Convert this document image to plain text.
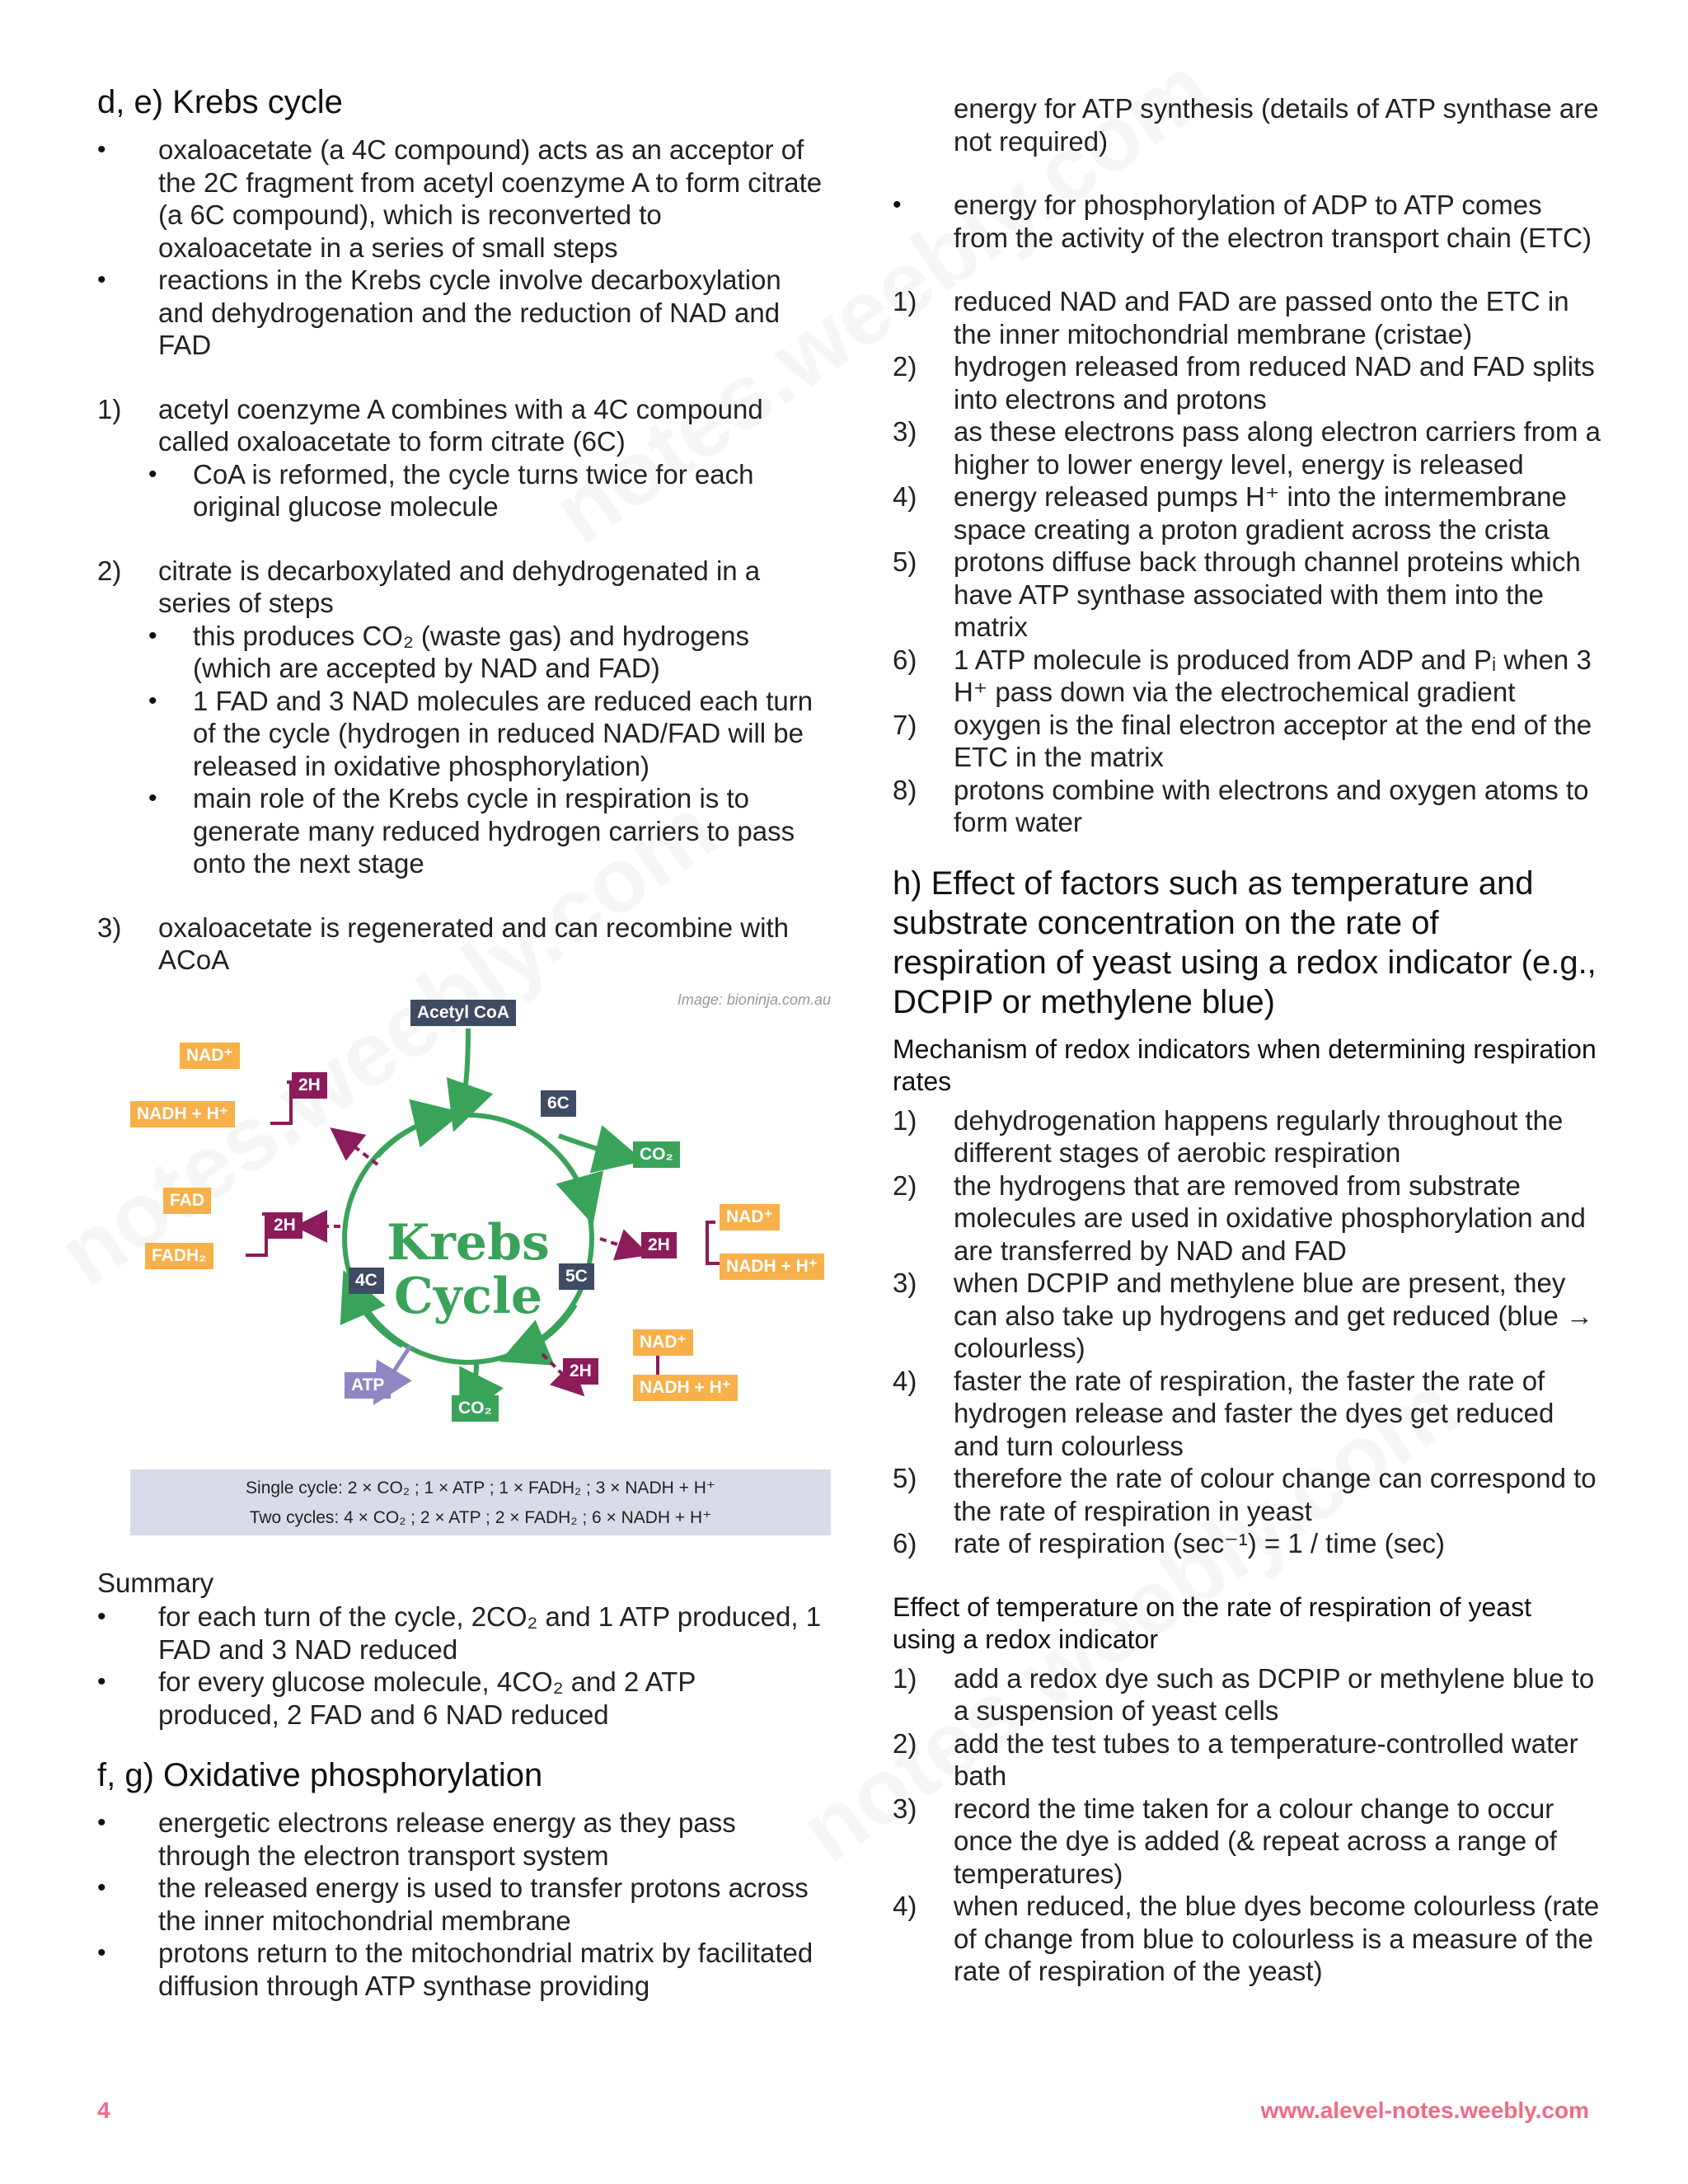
d, e) Krebs cycle
• oxaloacetate (a 4C compound) acts as an acceptor of the 2C fragment from acetyl coenzyme A to form citrate (a 6C compound), which is reconverted to oxaloacetate in a series of small steps
• reactions in the Krebs cycle involve decarboxylation and dehydrogenation and the reduction of NAD and FAD
1) acetyl coenzyme A combines with a 4C compound called oxaloacetate to form citrate (6C)
• CoA is reformed, the cycle turns twice for each original glucose molecule
2) citrate is decarboxylated and dehydrogenated in a series of steps
• this produces CO₂ (waste gas) and hydrogens (which are accepted by NAD and FAD)
• 1 FAD and 3 NAD molecules are reduced each turn of the cycle (hydrogen in reduced NAD/FAD will be released in oxidative phosphorylation)
• main role of the Krebs cycle in respiration is to generate many reduced hydrogen carriers to pass onto the next stage
3) oxaloacetate is regenerated and can recombine with ACoA
Image: bioninja.com.au
Krebs
Cycle
Acetyl CoA
6C
5C
4C
CO₂
CO₂
ATP
2H
2H
2H
2H
NAD⁺
NADH + H⁺
FAD
FADH₂
NAD⁺
NADH + H⁺
NAD⁺
NADH + H⁺
Single cycle: 2 × CO₂ ; 1 × ATP ; 1 × FADH₂ ; 3 × NADH + H⁺
Two cycles: 4 × CO₂ ; 2 × ATP ; 2 × FADH₂ ; 6 × NADH + H⁺
Summary
• for each turn of the cycle, 2CO₂ and 1 ATP produced, 1 FAD and 3 NAD reduced
• for every glucose molecule, 4CO₂ and 2 ATP produced, 2 FAD and 6 NAD reduced
f, g) Oxidative phosphorylation
• energetic electrons release energy as they pass through the electron transport system
• the released energy is used to transfer protons across the inner mitochondrial membrane
• protons return to the mitochondrial matrix by facilitated diffusion through ATP synthase providing
energy for ATP synthesis (details of ATP synthase are not required)
• energy for phosphorylation of ADP to ATP comes from the activity of the electron transport chain (ETC)
1) reduced NAD and FAD are passed onto the ETC in the inner mitochondrial membrane (cristae)
2) hydrogen released from reduced NAD and FAD splits into electrons and protons
3) as these electrons pass along electron carriers from a higher to lower energy level, energy is released
4) energy released pumps H⁺ into the intermembrane space creating a proton gradient across the crista
5) protons diffuse back through channel proteins which have ATP synthase associated with them into the matrix
6) 1 ATP molecule is produced from ADP and Pᵢ when 3 H⁺ pass down via the electrochemical gradient
7) oxygen is the final electron acceptor at the end of the ETC in the matrix
8) protons combine with electrons and oxygen atoms to form water
h) Effect of factors such as temperature and substrate concentration on the rate of respiration of yeast using a redox indicator (e.g., DCPIP or methylene blue)
Mechanism of redox indicators when determining respiration rates
1) dehydrogenation happens regularly throughout the different stages of aerobic respiration
2) the hydrogens that are removed from substrate molecules are used in oxidative phosphorylation and are transferred by NAD and FAD
3) when DCPIP and methylene blue are present, they can also take up hydrogens and get reduced (blue → colourless)
4) faster the rate of respiration, the faster the rate of hydrogen release and faster the dyes get reduced and turn colourless
5) therefore the rate of colour change can correspond to the rate of respiration in yeast
6) rate of respiration (sec⁻¹) = 1 / time (sec)
Effect of temperature on the rate of respiration of yeast using a redox indicator
1) add a redox dye such as DCPIP or methylene blue to a suspension of yeast cells
2) add the test tubes to a temperature-controlled water bath
3) record the time taken for a colour change to occur once the dye is added (& repeat across a range of temperatures)
4) when reduced, the blue dyes become colourless (rate of change from blue to colourless is a measure of the rate of respiration of the yeast)
4	www.alevel-notes.weebly.com
